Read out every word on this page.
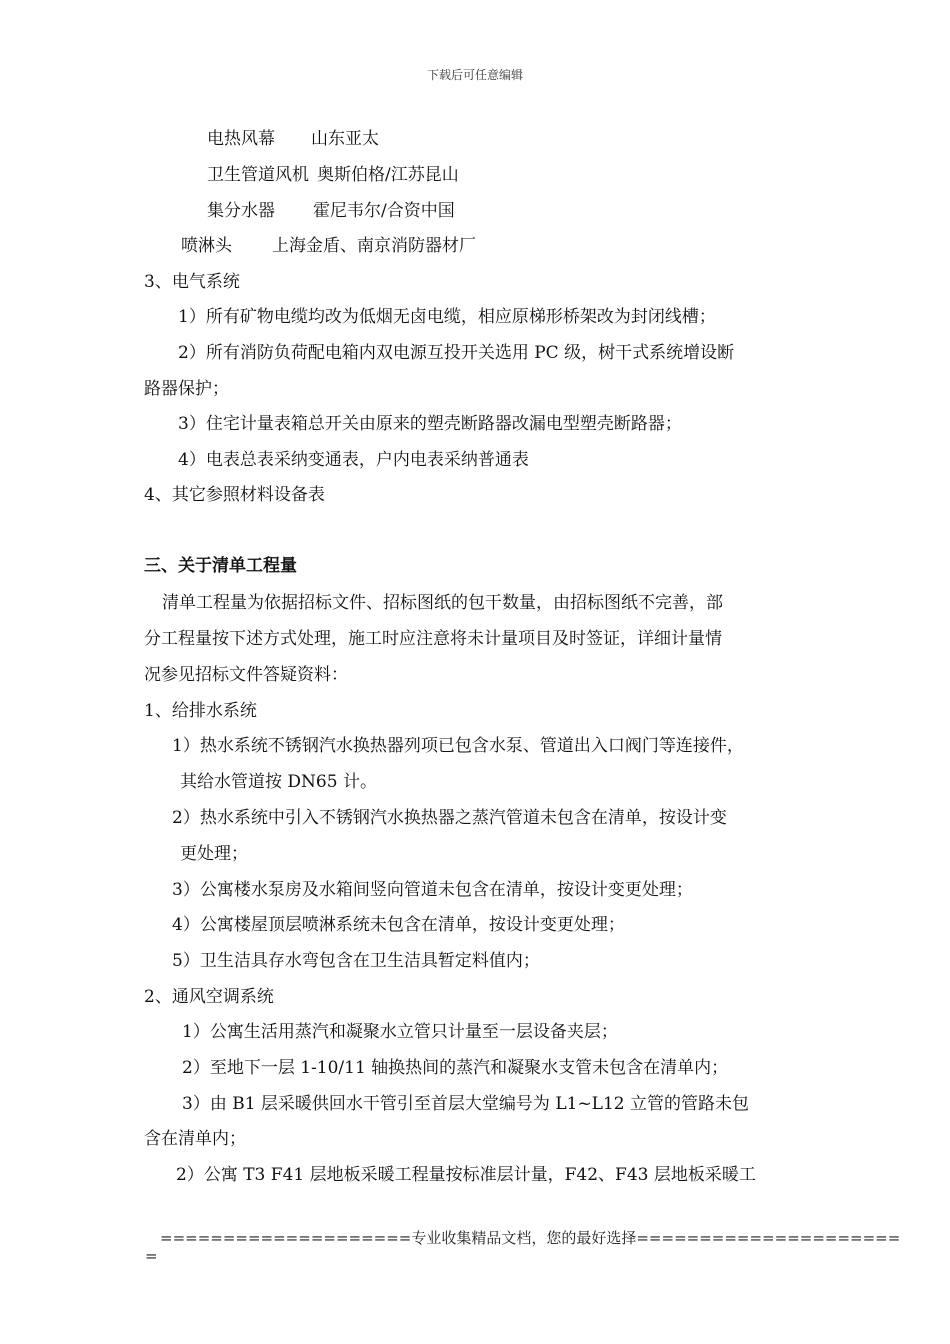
下载后可任意编辑
电热风幕 山东亚太
卫生管道风机 奥斯伯格/江苏昆山
集分水器 霍尼韦尔/合资中国
喷淋头 上海金盾、南京消防器材厂
3、电气系统
1）所有矿物电缆均改为低烟无卤电缆，相应原梯形桥架改为封闭线槽；
2）所有消防负荷配电箱内双电源互投开关选用 PC 级，树干式系统增设断
路器保护；
3）住宅计量表箱总开关由原来的塑壳断路器改漏电型塑壳断路器；
4）电表总表采纳变通表，户内电表采纳普通表
4、其它参照材料设备表
三、关于清单工程量
清单工程量为依据招标文件、招标图纸的包干数量，由招标图纸不完善，部
分工程量按下述方式处理，施工时应注意将未计量项目及时签证，详细计量情
况参见招标文件答疑资料：
1、给排水系统
1）热水系统不锈钢汽水换热器列项已包含水泵、管道出入口阀门等连接件，
其给水管道按 DN65 计。
2）热水系统中引入不锈钢汽水换热器之蒸汽管道未包含在清单，按设计变
更处理；
3）公寓楼水泵房及水箱间竖向管道未包含在清单，按设计变更处理；
4）公寓楼屋顶层喷淋系统未包含在清单，按设计变更处理；
5）卫生洁具存水弯包含在卫生洁具暂定料值内；
2、通风空调系统
1）公寓生活用蒸汽和凝聚水立管只计量至一层设备夹层；
2）至地下一层 1-10/11 轴换热间的蒸汽和凝聚水支管未包含在清单内；
3）由 B1 层采暖供回水干管引至首层大堂编号为 L1~L12 立管的管路未包
含在清单内；
2）公寓 T3 F41 层地板采暖工程量按标准层计量，F42、F43 层地板采暖工
====================专业收集精品文档，您的最好选择=====================
=
